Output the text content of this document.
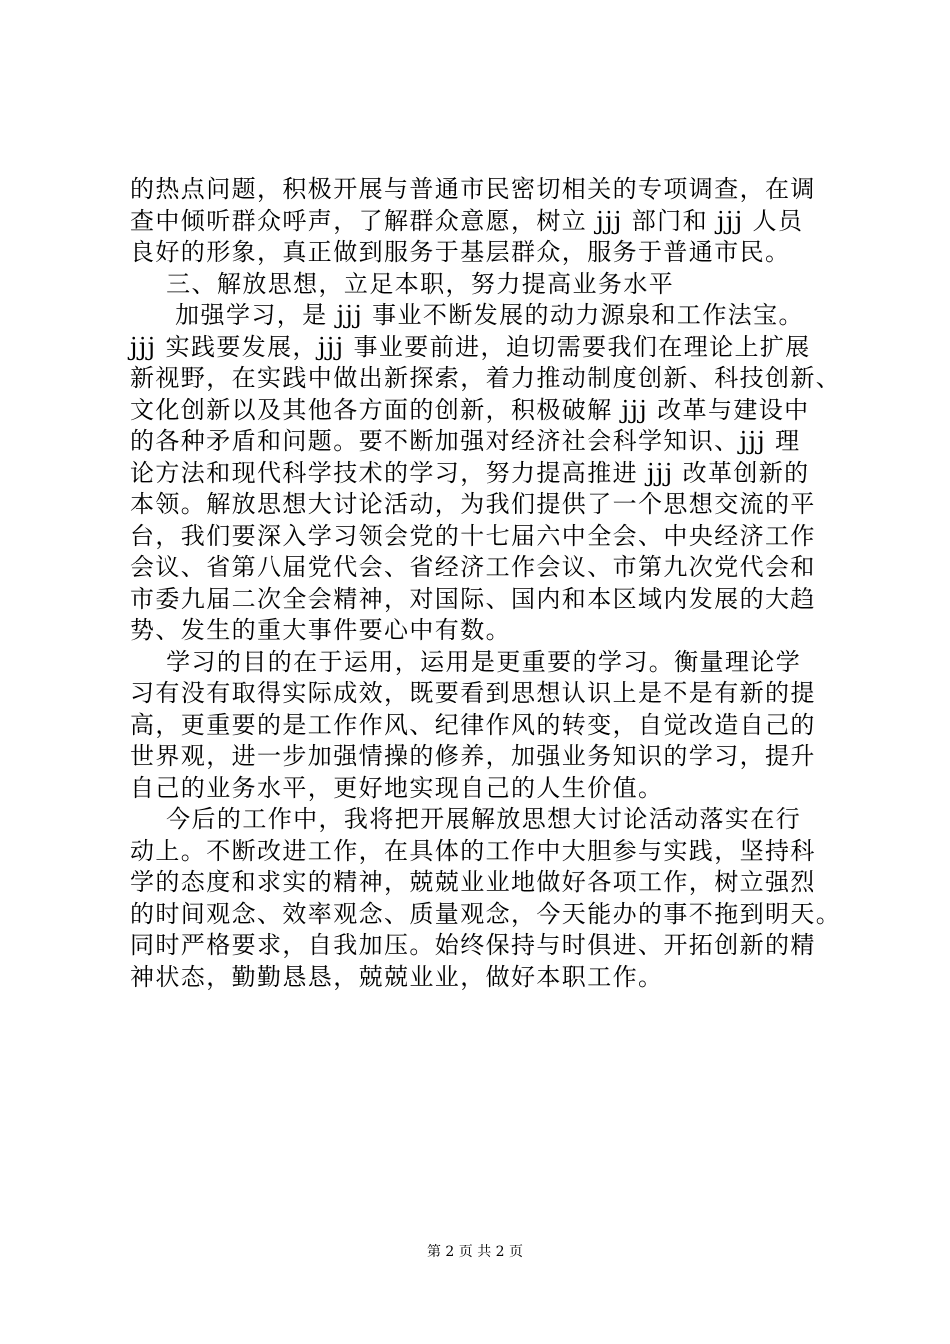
的热点问题，积极开展与普通市民密切相关的专项调查，在调
查中倾听群众呼声，了解群众意愿，树立 jjj 部门和 jjj 人员
良好的形象，真正做到服务于基层群众，服务于普通市民。
三、解放思想，立足本职，努力提高业务水平
加强学习，是 jjj 事业不断发展的动力源泉和工作法宝。
jjj 实践要发展，jjj 事业要前进，迫切需要我们在理论上扩展
新视野，在实践中做出新探索，着力推动制度创新、科技创新、
文化创新以及其他各方面的创新，积极破解 jjj 改革与建设中
的各种矛盾和问题。要不断加强对经济社会科学知识、jjj 理
论方法和现代科学技术的学习，努力提高推进 jjj 改革创新的
本领。解放思想大讨论活动，为我们提供了一个思想交流的平
台，我们要深入学习领会党的十七届六中全会、中央经济工作
会议、省第八届党代会、省经济工作会议、市第九次党代会和
市委九届二次全会精神，对国际、国内和本区域内发展的大趋
势、发生的重大事件要心中有数。
学习的目的在于运用，运用是更重要的学习。衡量理论学
习有没有取得实际成效，既要看到思想认识上是不是有新的提
高，更重要的是工作作风、纪律作风的转变，自觉改造自己的
世界观，进一步加强情操的修养，加强业务知识的学习，提升
自己的业务水平，更好地实现自己的人生价值。
今后的工作中，我将把开展解放思想大讨论活动落实在行
动上。不断改进工作，在具体的工作中大胆参与实践，坚持科
学的态度和求实的精神，兢兢业业地做好各项工作，树立强烈
的时间观念、效率观念、质量观念，今天能办的事不拖到明天。
同时严格要求，自我加压。始终保持与时俱进、开拓创新的精
神状态，勤勤恳恳，兢兢业业，做好本职工作。
第 2 页 共 2 页
